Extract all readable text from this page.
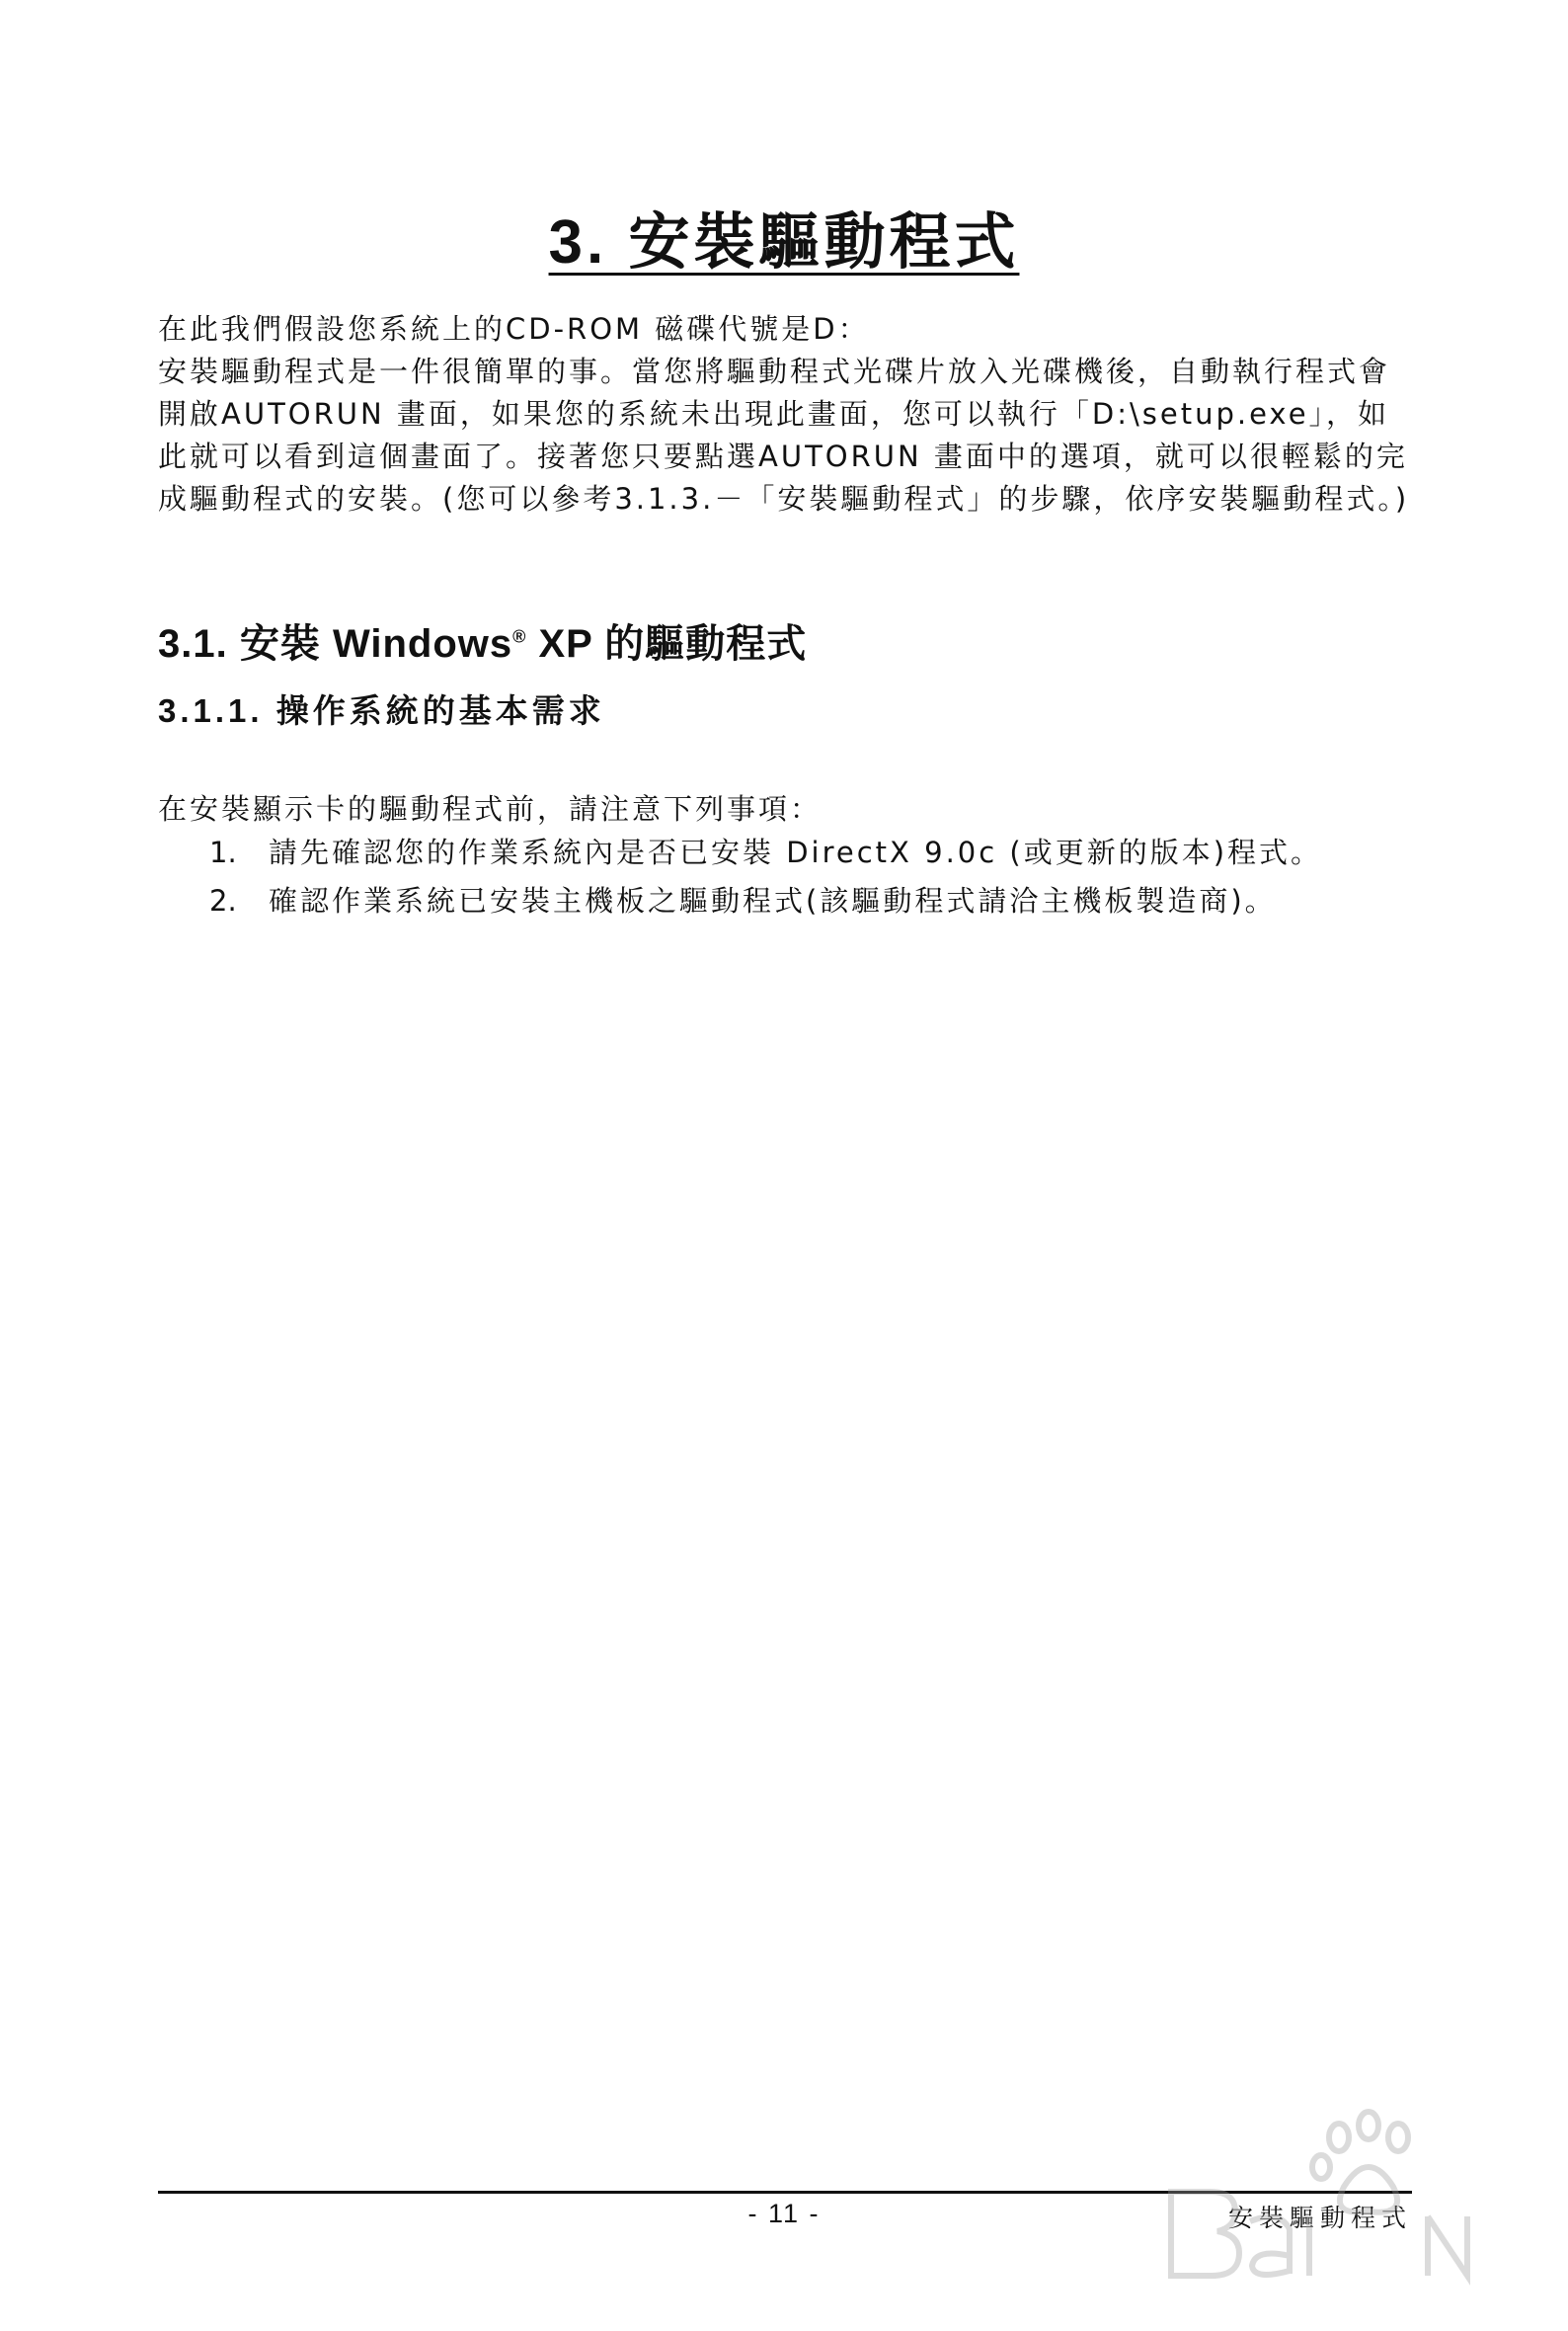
3. 安裝驅動程式

在此我們假設您系統上的CD-ROM 磁碟代號是D：

安裝驅動程式是一件很簡單的事。當您將驅動程式光碟片放入光碟機後，自動執行程式會開啟AUTORUN 畫面，如果您的系統未出現此畫面，您可以執行「D:\setup.exe」，如此就可以看到這個畫面了。接著您只要點選AUTORUN 畫面中的選項，就可以很輕鬆的完成驅動程式的安裝。(您可以參考3.1.3.－「安裝驅動程式」的步驟，依序安裝驅動程式。)

3.1. 安裝 Windows® XP 的驅動程式
3.1.1. 操作系統的基本需求

在安裝顯示卡的驅動程式前，請注意下列事項：

1. 請先確認您的作業系統內是否已安裝 DirectX 9.0c (或更新的版本)程式。
2. 確認作業系統已安裝主機板之驅動程式(該驅動程式請洽主機板製造商)。
- 11 -	安裝驅動程式
